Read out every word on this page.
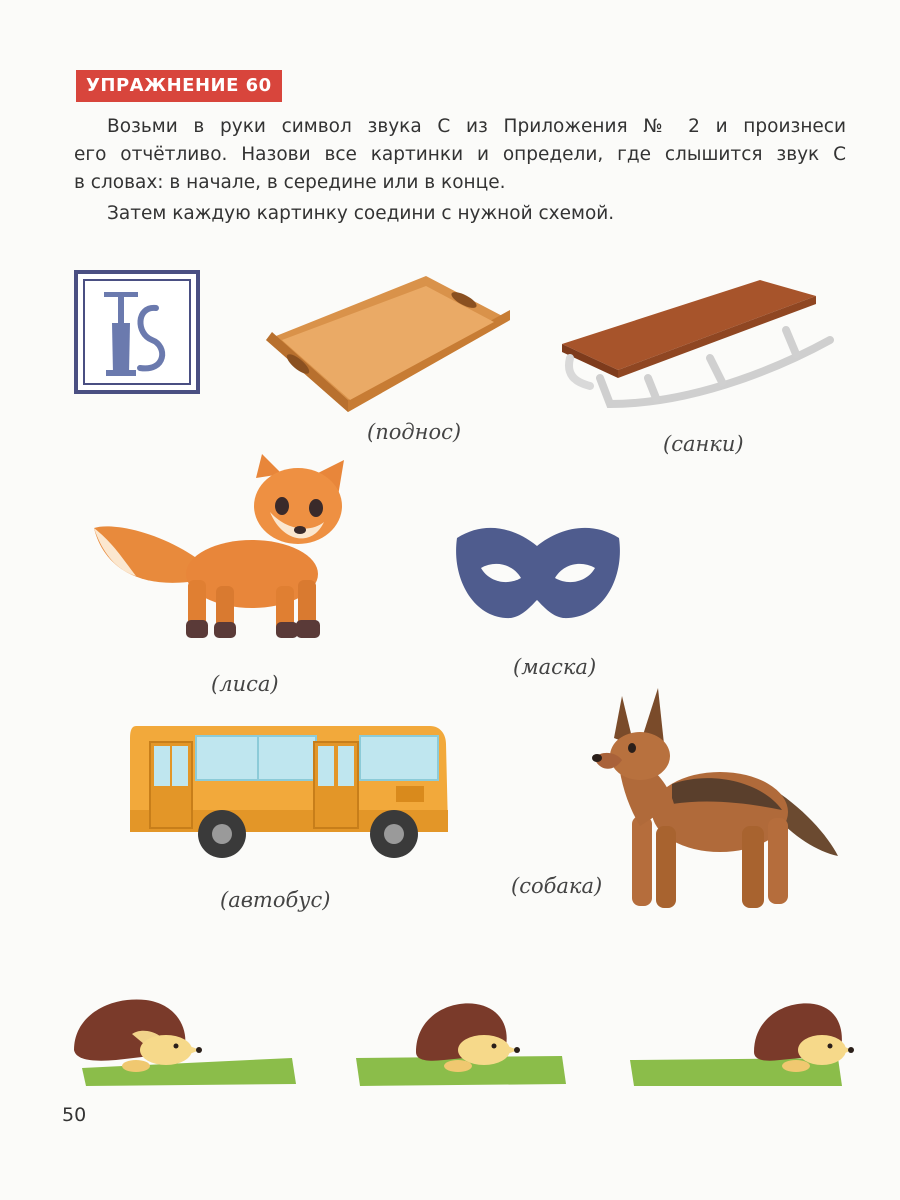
УПРАЖНЕНИЕ 60

Возьми в руки символ звука С из Приложения № 2 и произнеси

его отчётливо. Назови все картинки и определи, где слышится звук С

в словах: в начале, в середине или в конце.

Затем каждую картинку соедини с нужной схемой.

(поднос)	(санки)
(лиса)
(маска)
(автобус)
(собака)
50
